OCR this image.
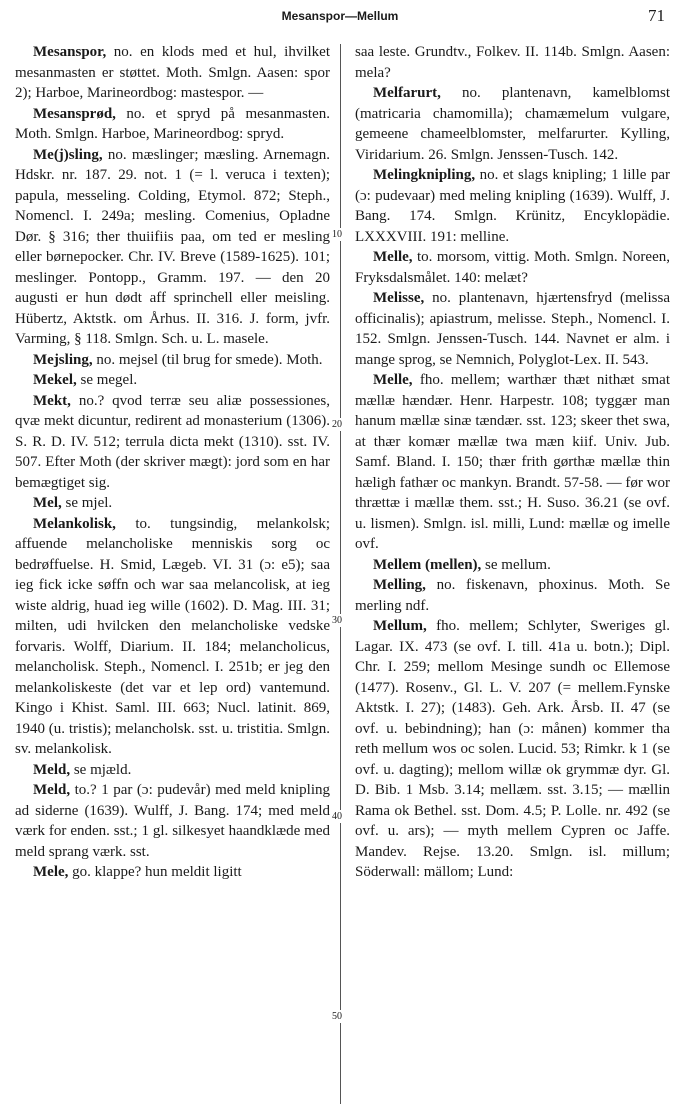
Mesanspor—Mellum	71
10
20
30
40
50

Mesanspor, no. en klods med et hul, ihvilket mesanmasten er støttet. Moth. Smlgn. Aasen: spor 2); Harboe, Marineordbog: mastespor. —

Mesansprød, no. et spryd på mesanmasten. Moth. Smlgn. Harboe, Marineordbog: spryd.

Me(j)sling, no. mæslinger; mæsling. Arnemagn. Hdskr. nr. 187. 29. not. 1 (= l. veruca i texten); papula, messeling. Colding, Etymol. 872; Steph., Nomencl. I. 249a; mesling. Comenius, Opladne Dør. § 316; ther thuiifiis paa, om ted er mesling eller børnepocker. Chr. IV. Breve (1589-1625). 101; meslinger. Pontopp., Gramm. 197. — den 20 augusti er hun dødt aff sprinchell eller meisling. Hübertz, Aktstk. om Århus. II. 316. J. form, jvfr. Varming, § 118. Smlgn. Sch. u. L. masele.

Mejsling, no. mejsel (til brug for smede). Moth.

Mekel, se megel.

Mekt, no.? qvod terræ seu aliæ possessiones, qvæ mekt dicuntur, redirent ad monasterium (1306). S. R. D. IV. 512; terrula dicta mekt (1310). sst. IV. 507. Efter Moth (der skriver mægt): jord som en har bemægtiget sig.

Mel, se mjel.

Melankolisk, to. tungsindig, melankolsk; affuende melancholiske menniskis sorg oc bedrøffuelse. H. Smid, Lægeb. VI. 31 (ɔ: e5); saa ieg fick icke søffn och war saa melancolisk, at ieg wiste aldrig, huad ieg wille (1602). D. Mag. III. 31; milten, udi hvilcken den melancholiske vedske forvaris. Wolff, Diarium. II. 184; melancholicus, melancholisk. Steph., Nomencl. I. 251b; er jeg den melankoliskeste (det var et lep ord) vantemund. Kingo i Khist. Saml. III. 663; Nucl. latinit. 869, 1940 (u. tristis); melancholsk. sst. u. tristitia. Smlgn. sv. melankolisk.

Meld, se mjæld.

Meld, to.? 1 par (ɔ: pudevår) med meld knipling ad siderne (1639). Wulff, J. Bang. 174; med meld værk for enden. sst.; 1 gl. silkesyet haandklæde med meld sprang værk. sst.

Mele, go. klappe? hun meldit ligitt

saa leste. Grundtv., Folkev. II. 114b. Smlgn. Aasen: mela?

Melfarurt, no. plantenavn, kamelblomst (matricaria chamomilla); chamæmelum vulgare, gemeene chameelblomster, melfarurter. Kylling, Viridarium. 26. Smlgn. Jenssen-Tusch. 142.

Melingknipling, no. et slags knipling; 1 lille par (ɔ: pudevaar) med meling knipling (1639). Wulff, J. Bang. 174. Smlgn. Krünitz, Encyklopädie. LXXXVIII. 191: melline.

Melle, to. morsom, vittig. Moth. Smlgn. Noreen, Fryksdalsmålet. 140: melæt?

Melisse, no. plantenavn, hjærtensfryd (melissa officinalis); apiastrum, melisse. Steph., Nomencl. I. 152. Smlgn. Jenssen-Tusch. 144. Navnet er alm. i mange sprog, se Nemnich, Polyglot-Lex. II. 543.

Melle, fho. mellem; warthær thæt nithæt smat mællæ hændær. Henr. Harpestr. 108; tyggær man hanum mællæ sinæ tændær. sst. 123; skeer thet swa, at thær komær mællæ twa mæn kiif. Univ. Jub. Samf. Bland. I. 150; thær frith gørthæ mællæ thin hæligh fathær oc mankyn. Brandt. 57-58. — før wor thrættæ i mællæ them. sst.; H. Suso. 36.21 (se ovf. u. lismen). Smlgn. isl. milli, Lund: mællæ og imelle ovf.

Mellem (mellen), se mellum.

Melling, no. fiskenavn, phoxinus. Moth. Se merling ndf.

Mellum, fho. mellem; Schlyter, Sweriges gl. Lagar. IX. 473 (se ovf. I. till. 41a u. botn.); Dipl. Chr. I. 259; mellom Mesinge sundh oc Ellemose (1477). Rosenv., Gl. L. V. 207 (= mellem.Fynske Aktstk. I. 27); (1483). Geh. Ark. Årsb. II. 47 (se ovf. u. bebindning); han (ɔ: månen) kommer tha reth mellum wos oc solen. Lucid. 53; Rimkr. k 1 (se ovf. u. dagting); mellom willæ ok grymmæ dyr. Gl. D. Bib. 1 Msb. 3.14; mellæm. sst. 3.15; — mællin Rama ok Bethel. sst. Dom. 4.5; P. Lolle. nr. 492 (se ovf. u. ars); — myth mellem Cypren oc Jaffe. Mandev. Rejse. 13.20. Smlgn. isl. millum; Söderwall: mällom; Lund:
